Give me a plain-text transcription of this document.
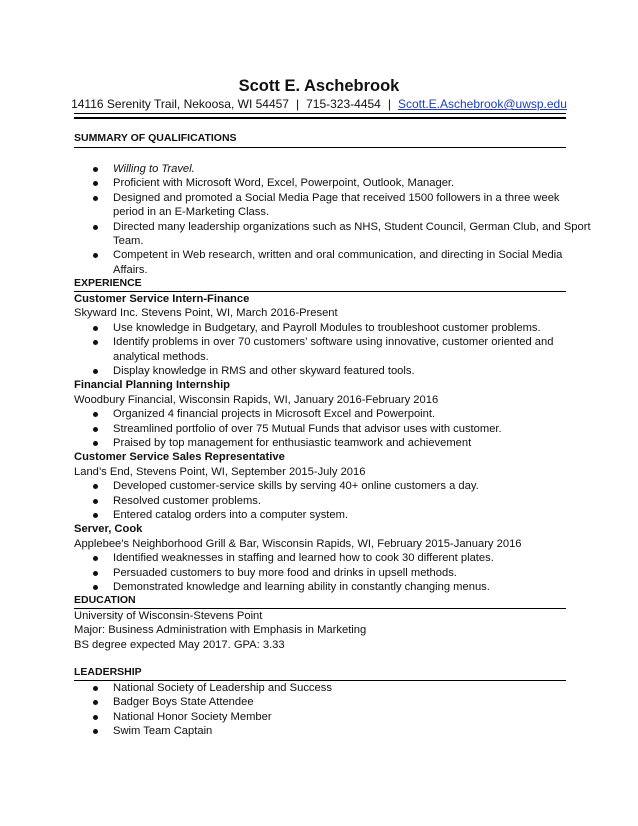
Scott E. Aschebrook
14116 Serenity Trail, Nekoosa, WI 54457 | 715-323-4454 | Scott.E.Aschebrook@uwsp.edu
SUMMARY OF QUALIFICATIONS
Willing to Travel.
Proficient with Microsoft Word, Excel, Powerpoint, Outlook, Manager.
Designed and promoted a Social Media Page that received 1500 followers in a three week
period in an E-Marketing Class.
Directed many leadership organizations such as NHS, Student Council, German Club, and Sport
Team.
Competent in Web research, written and oral communication, and directing in Social Media
Affairs.
EXPERIENCE
Customer Service Intern-Finance
Skyward Inc. Stevens Point, WI, March 2016-Present
Use knowledge in Budgetary, and Payroll Modules to troubleshoot customer problems.
Identify problems in over 70 customers’ software using innovative, customer oriented and
analytical methods.
Display knowledge in RMS and other skyward featured tools.
Financial Planning Internship
Woodbury Financial, Wisconsin Rapids, WI, January 2016-February 2016
Organized 4 financial projects in Microsoft Excel and Powerpoint.
Streamlined portfolio of over 75 Mutual Funds that advisor uses with customer.
Praised by top management for enthusiastic teamwork and achievement
Customer Service Sales Representative
Land’s End, Stevens Point, WI, September 2015-July 2016
Developed customer-service skills by serving 40+ online customers a day.
Resolved customer problems.
Entered catalog orders into a computer system.
Server, Cook
Applebee’s Neighborhood Grill & Bar, Wisconsin Rapids, WI, February 2015-January 2016
Identified weaknesses in staffing and learned how to cook 30 different plates.
Persuaded customers to buy more food and drinks in upsell methods.
Demonstrated knowledge and learning ability in constantly changing menus.
EDUCATION
University of Wisconsin-Stevens Point
Major: Business Administration with Emphasis in Marketing
BS degree expected May 2017. GPA: 3.33
LEADERSHIP
National Society of Leadership and Success
Badger Boys State Attendee
National Honor Society Member
Swim Team Captain
